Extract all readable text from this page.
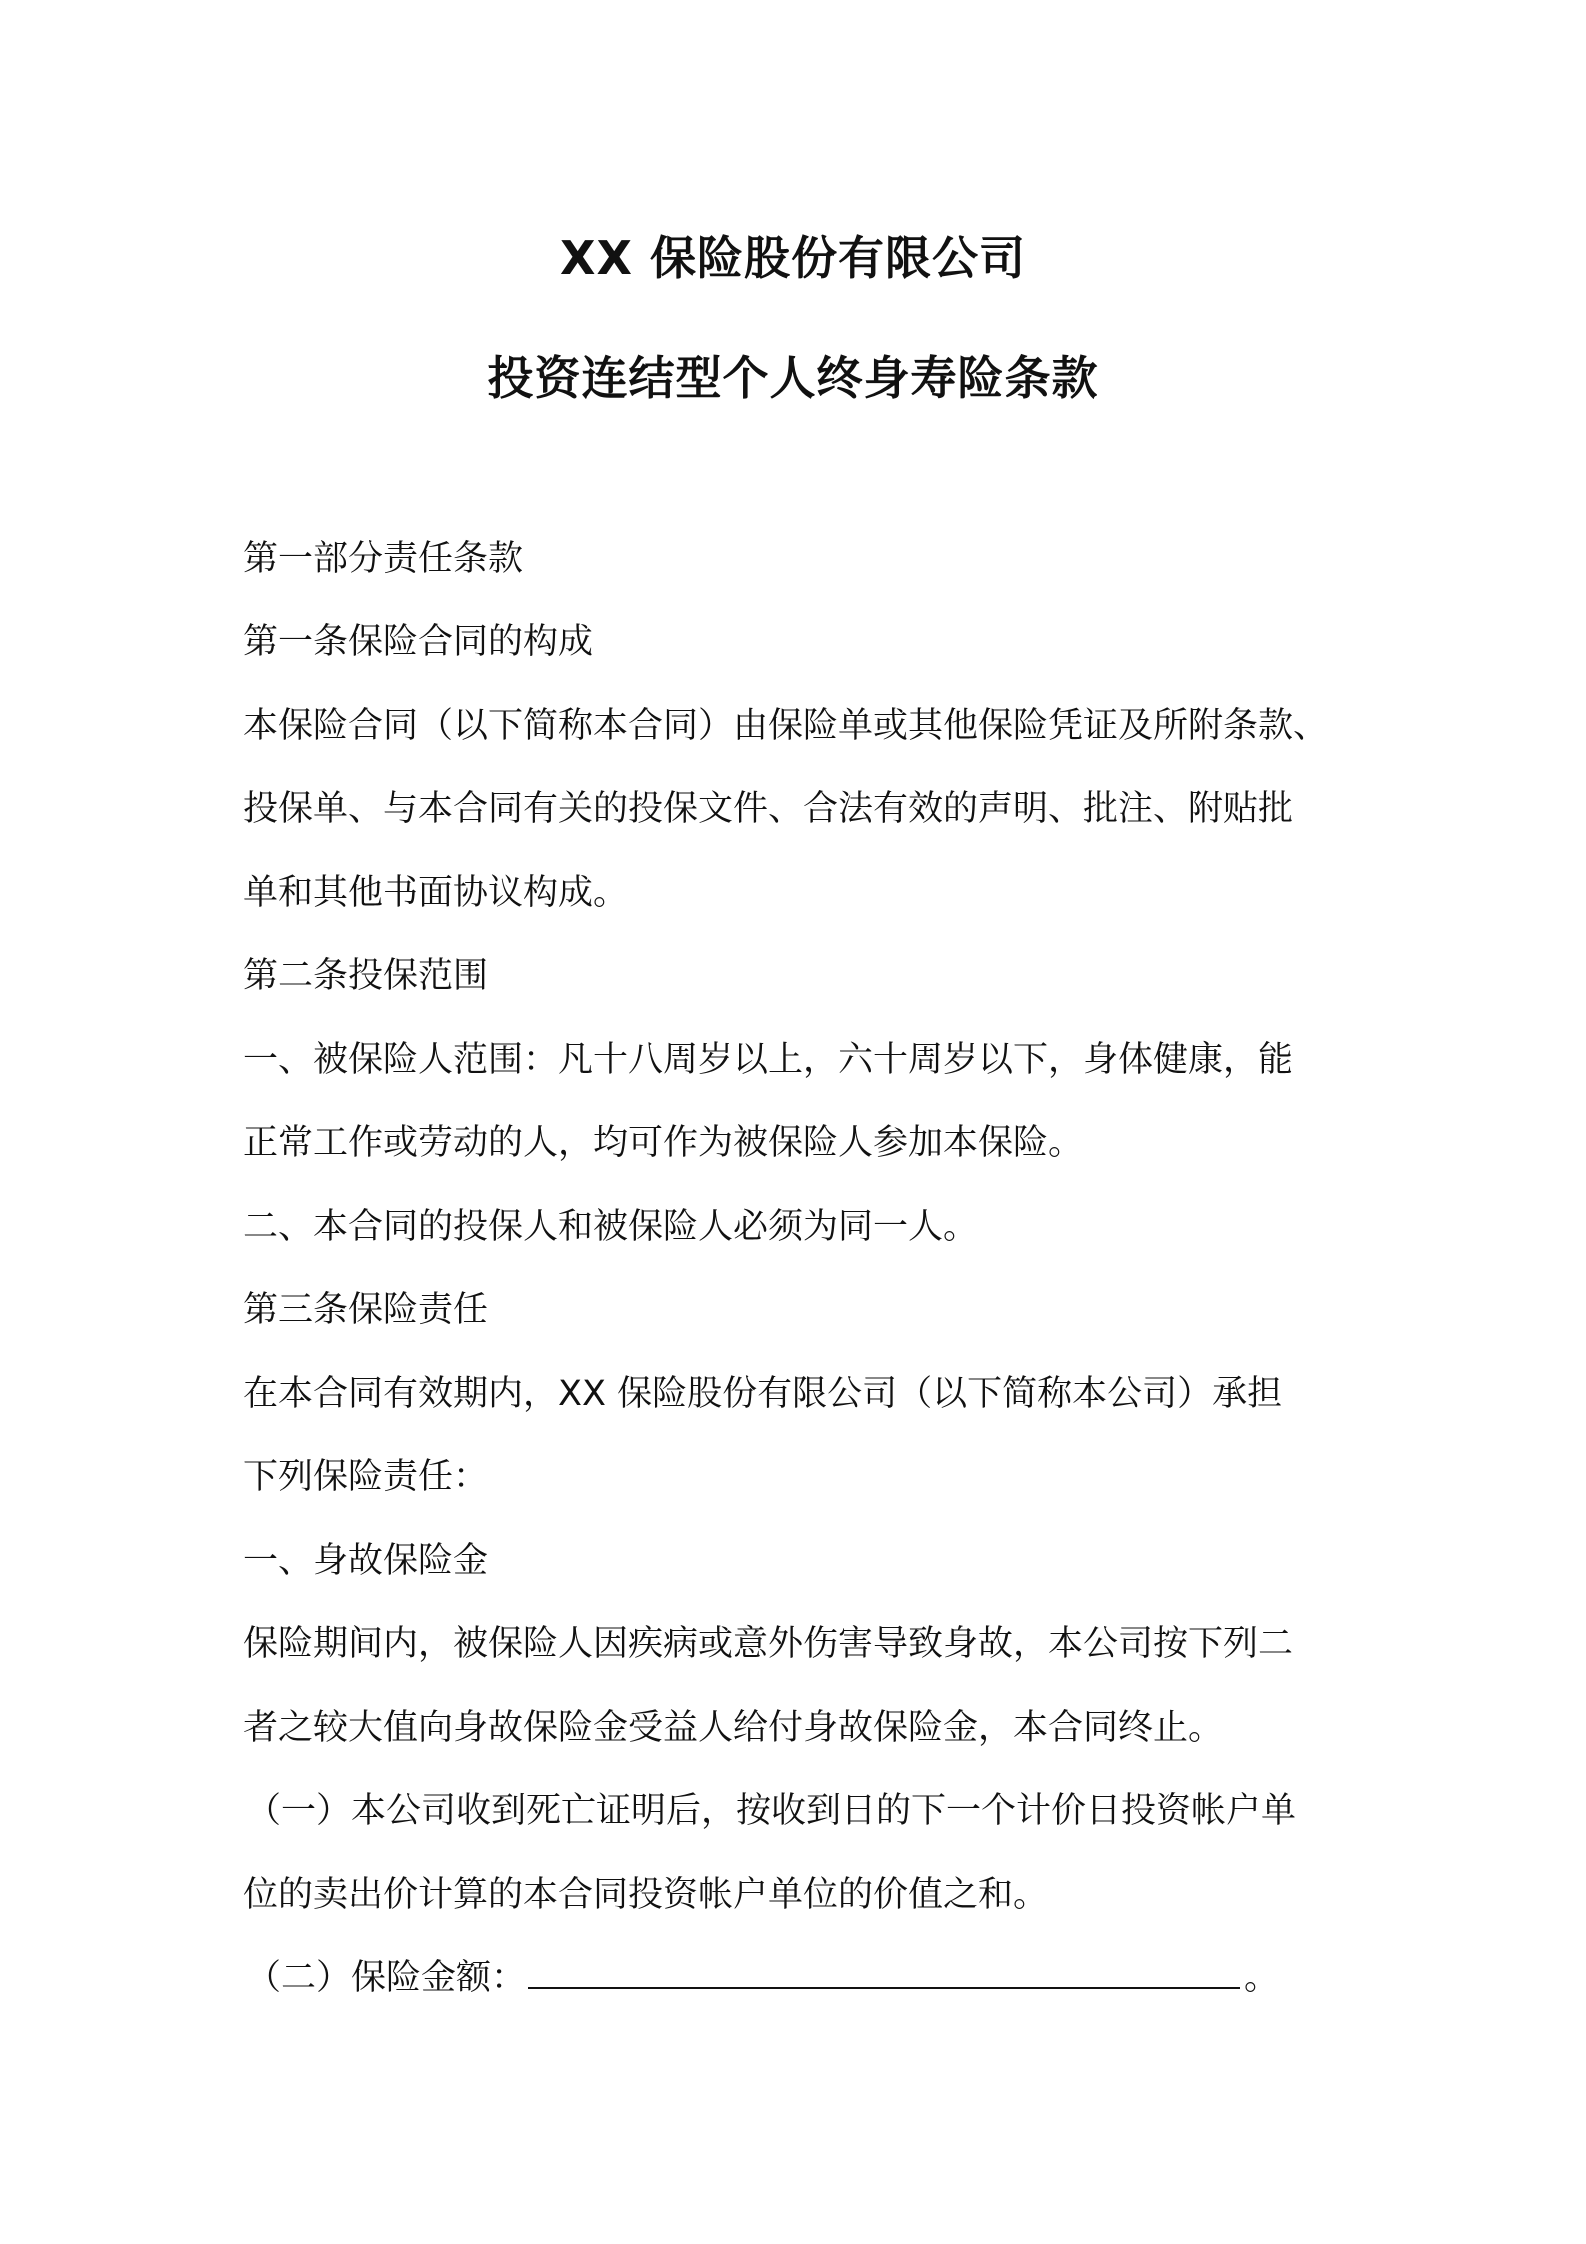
XX 保险股份有限公司
投资连结型个人终身寿险条款
第一部分责任条款
第一条保险合同的构成
本保险合同（以下简称本合同）由保险单或其他保险凭证及所附条款、
投保单、与本合同有关的投保文件、合法有效的声明、批注、附贴批
单和其他书面协议构成。
第二条投保范围
一、被保险人范围：凡十八周岁以上，六十周岁以下，身体健康，能
正常工作或劳动的人，均可作为被保险人参加本保险。
二、本合同的投保人和被保险人必须为同一人。
第三条保险责任
在本合同有效期内，XX 保险股份有限公司（以下简称本公司）承担
下列保险责任：
一、身故保险金
保险期间内，被保险人因疾病或意外伤害导致身故，本公司按下列二
者之较大值向身故保险金受益人给付身故保险金，本合同终止。
（一）本公司收到死亡证明后，按收到日的下一个计价日投资帐户单
位的卖出价计算的本合同投资帐户单位的价值之和。
（二）保险金额：	。
